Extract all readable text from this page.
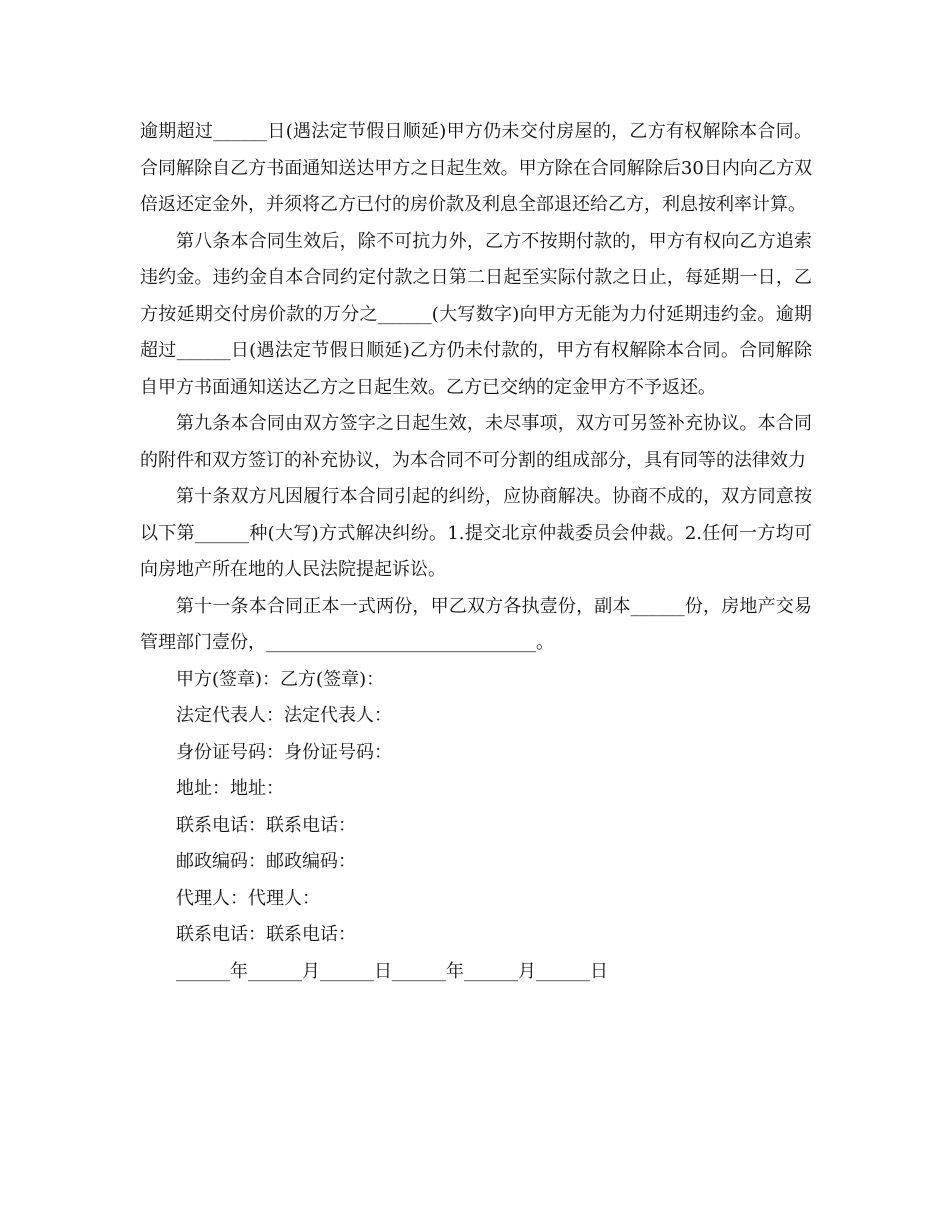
逾期超过______日(遇法定节假日顺延)甲方仍未交付房屋的，乙方有权解除本合同。合同解除自乙方书面通知送达甲方之日起生效。甲方除在合同解除后30日内向乙方双倍返还定金外，并须将乙方已付的房价款及利息全部退还给乙方，利息按利率计算。

第八条本合同生效后，除不可抗力外，乙方不按期付款的，甲方有权向乙方追索违约金。违约金自本合同约定付款之日第二日起至实际付款之日止，每延期一日，乙方按延期交付房价款的万分之______(大写数字)向甲方无能为力付延期违约金。逾期超过______日(遇法定节假日顺延)乙方仍未付款的，甲方有权解除本合同。合同解除自甲方书面通知送达乙方之日起生效。乙方已交纳的定金甲方不予返还。

第九条本合同由双方签字之日起生效，未尽事项，双方可另签补充协议。本合同的附件和双方签订的补充协议，为本合同不可分割的组成部分，具有同等的法律效力

第十条双方凡因履行本合同引起的纠纷，应协商解决。协商不成的，双方同意按以下第______种(大写)方式解决纠纷。1.提交北京仲裁委员会仲裁。2.任何一方均可向房地产所在地的人民法院提起诉讼。

第十一条本合同正本一式两份，甲乙双方各执壹份，副本______份，房地产交易管理部门壹份，______________________________。

甲方(签章)：乙方(签章)：

法定代表人：法定代表人：

身份证号码：身份证号码：

地址：地址：

联系电话：联系电话：

邮政编码：邮政编码：

代理人：代理人：

联系电话：联系电话：

______年______月______日______年______月______日
